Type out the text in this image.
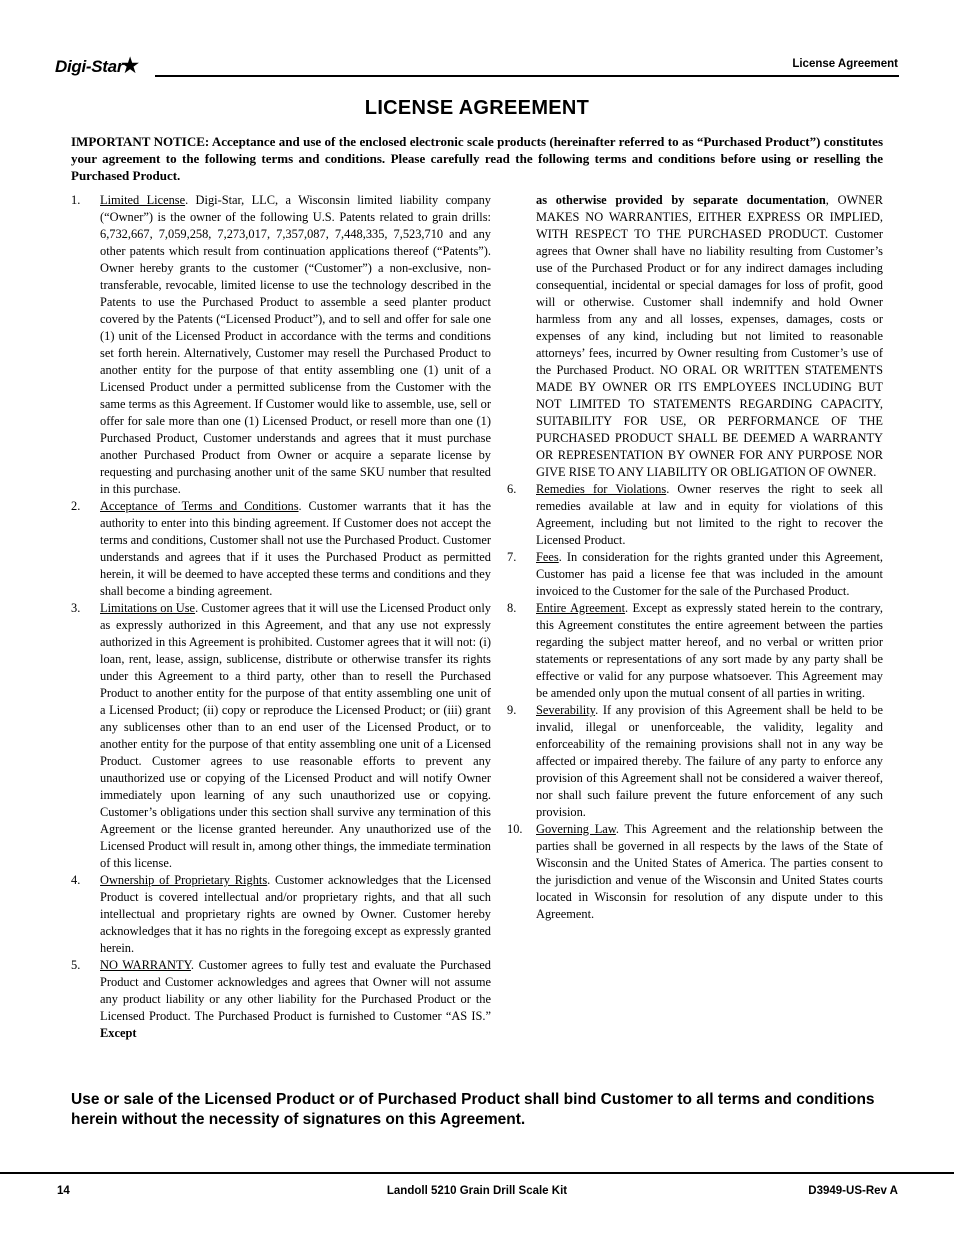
Digi-Star★	License Agreement
LICENSE AGREEMENT
IMPORTANT NOTICE: Acceptance and use of the enclosed electronic scale products (hereinafter referred to as “Purchased Product”) constitutes your agreement to the following terms and conditions. Please carefully read the following terms and conditions before using or reselling the Purchased Product.
1. Limited License. Digi-Star, LLC, a Wisconsin limited liability company (“Owner”) is the owner of the following U.S. Patents related to grain drills: 6,732,667, 7,059,258, 7,273,017, 7,357,087, 7,448,335, 7,523,710 and any other patents which result from continuation applications thereof (“Patents”). Owner hereby grants to the customer (“Customer”) a non-exclusive, non-transferable, revocable, limited license to use the technology described in the Patents to use the Purchased Product to assemble a seed planter product covered by the Patents (“Licensed Product”), and to sell and offer for sale one (1) unit of the Licensed Product in accordance with the terms and conditions set forth herein. Alternatively, Customer may resell the Purchased Product to another entity for the purpose of that entity assembling one (1) unit of a Licensed Product under a permitted sublicense from the Customer with the same terms as this Agreement. If Customer would like to assemble, use, sell or offer for sale more than one (1) Licensed Product, or resell more than one (1) Purchased Product, Customer understands and agrees that it must purchase another Purchased Product from Owner or acquire a separate license by requesting and purchasing another unit of the same SKU number that resulted in this purchase.
2. Acceptance of Terms and Conditions. Customer warrants that it has the authority to enter into this binding agreement. If Customer does not accept the terms and conditions, Customer shall not use the Purchased Product. Customer understands and agrees that if it uses the Purchased Product as permitted herein, it will be deemed to have accepted these terms and conditions and they shall become a binding agreement.
3. Limitations on Use. Customer agrees that it will use the Licensed Product only as expressly authorized in this Agreement, and that any use not expressly authorized in this Agreement is prohibited. Customer agrees that it will not: (i) loan, rent, lease, assign, sublicense, distribute or otherwise transfer its rights under this Agreement to a third party, other than to resell the Purchased Product to another entity for the purpose of that entity assembling one unit of a Licensed Product; (ii) copy or reproduce the Licensed Product; or (iii) grant any sublicenses other than to an end user of the Licensed Product, or to another entity for the purpose of that entity assembling one unit of a Licensed Product. Customer agrees to use reasonable efforts to prevent any unauthorized use or copying of the Licensed Product and will notify Owner immediately upon learning of any such unauthorized use or copying. Customer’s obligations under this section shall survive any termination of this Agreement or the license granted hereunder. Any unauthorized use of the Licensed Product will result in, among other things, the immediate termination of this license.
4. Ownership of Proprietary Rights. Customer acknowledges that the Licensed Product is covered intellectual and/or proprietary rights, and that all such intellectual and proprietary rights are owned by Owner. Customer hereby acknowledges that it has no rights in the foregoing except as expressly granted herein.
5. NO WARRANTY. Customer agrees to fully test and evaluate the Purchased Product and Customer acknowledges and agrees that Owner will not assume any product liability or any other liability for the Purchased Product or the Licensed Product. The Purchased Product is furnished to Customer “AS IS.” Except
as otherwise provided by separate documentation, OWNER MAKES NO WARRANTIES, EITHER EXPRESS OR IMPLIED, WITH RESPECT TO THE PURCHASED PRODUCT. Customer agrees that Owner shall have no liability resulting from Customer’s use of the Purchased Product or for any indirect damages including consequential, incidental or special damages for loss of profit, good will or otherwise. Customer shall indemnify and hold Owner harmless from any and all losses, expenses, damages, costs or expenses of any kind, including but not limited to reasonable attorneys’ fees, incurred by Owner resulting from Customer’s use of the Purchased Product. NO ORAL OR WRITTEN STATEMENTS MADE BY OWNER OR ITS EMPLOYEES INCLUDING BUT NOT LIMITED TO STATEMENTS REGARDING CAPACITY, SUITABILITY FOR USE, OR PERFORMANCE OF THE PURCHASED PRODUCT SHALL BE DEEMED A WARRANTY OR REPRESENTATION BY OWNER FOR ANY PURPOSE NOR GIVE RISE TO ANY LIABILITY OR OBLIGATION OF OWNER.
6. Remedies for Violations. Owner reserves the right to seek all remedies available at law and in equity for violations of this Agreement, including but not limited to the right to recover the Licensed Product.
7. Fees. In consideration for the rights granted under this Agreement, Customer has paid a license fee that was included in the amount invoiced to the Customer for the sale of the Purchased Product.
8. Entire Agreement. Except as expressly stated herein to the contrary, this Agreement constitutes the entire agreement between the parties regarding the subject matter hereof, and no verbal or written prior statements or representations of any sort made by any party shall be effective or valid for any purpose whatsoever. This Agreement may be amended only upon the mutual consent of all parties in writing.
9. Severability. If any provision of this Agreement shall be held to be invalid, illegal or unenforceable, the validity, legality and enforceability of the remaining provisions shall not in any way be affected or impaired thereby. The failure of any party to enforce any provision of this Agreement shall not be considered a waiver thereof, nor shall such failure prevent the future enforcement of any such provision.
10. Governing Law. This Agreement and the relationship between the parties shall be governed in all respects by the laws of the State of Wisconsin and the United States of America. The parties consent to the jurisdiction and venue of the Wisconsin and United States courts located in Wisconsin for resolution of any dispute under to this Agreement.
Use or sale of the Licensed Product or of Purchased Product shall bind Customer to all terms and conditions herein without the necessity of signatures on this Agreement.
14	Landoll 5210 Grain Drill Scale Kit	D3949-US-Rev A
